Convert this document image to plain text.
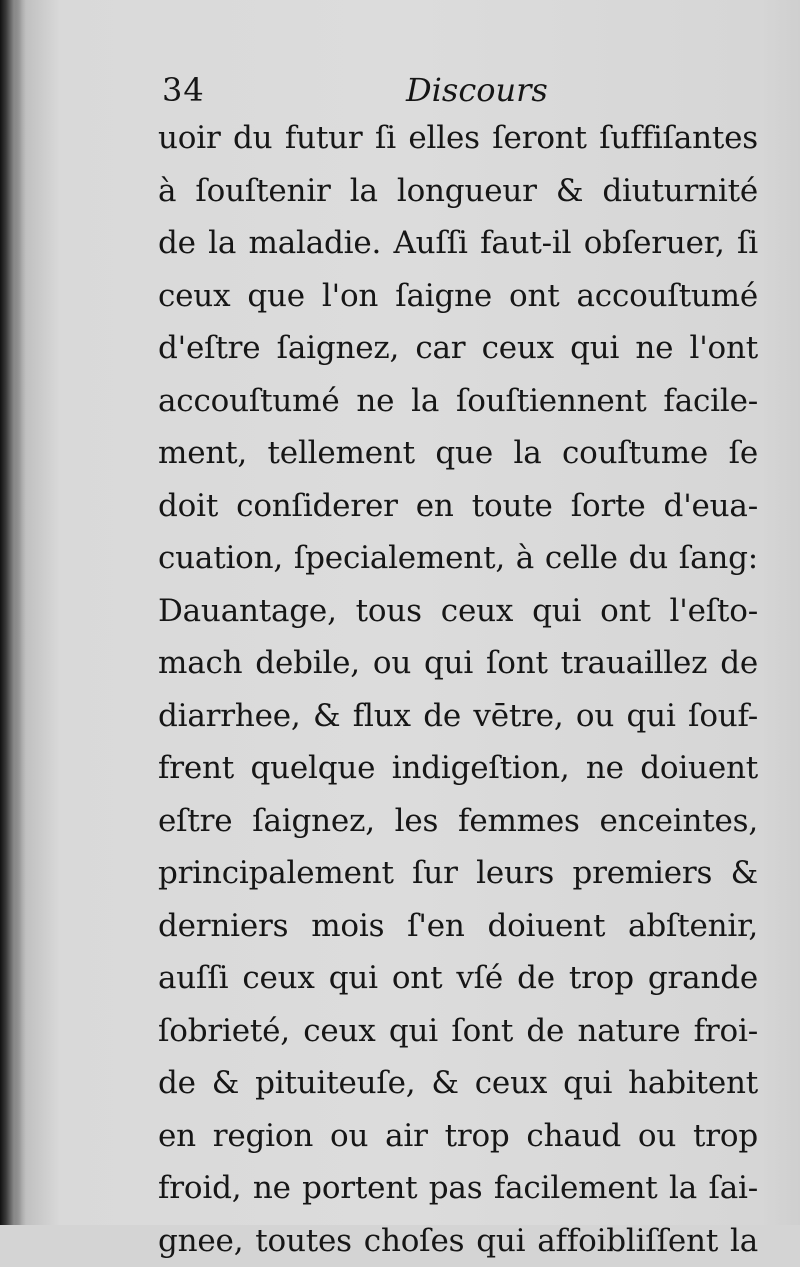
34	Discours
uoir du futur ſi elles ſeront ſuffiſantes
à ſouſtenir la longueur & diuturnité
de la maladie. Auſſi faut-il obſeruer, ſi
ceux que l'on ſaigne ont accouſtumé
d'eſtre ſaignez, car ceux qui ne l'ont
accouſtumé ne la ſouſtiennent facile-
ment, tellement que la couſtume ſe
doit conſiderer en toute ſorte d'eua-
cuation, ſpecialement, à celle du ſang:
Dauantage, tous ceux qui ont l'eſto-
mach debile, ou qui ſont trauaillez de
diarrhee, & flux de vētre, ou qui ſouf-
frent quelque indigeſtion, ne doiuent
eſtre ſaignez, les femmes enceintes,
principalement ſur leurs premiers &
derniers mois ſ'en doiuent abſtenir,
auſſi ceux qui ont vſé de trop grande
ſobrieté, ceux qui ſont de nature froi-
de & pituiteuſe, & ceux qui habitent
en region ou air trop chaud ou trop
froid, ne portent pas facilement la ſai-
gnee, toutes choſes qui affoibliſſent la
